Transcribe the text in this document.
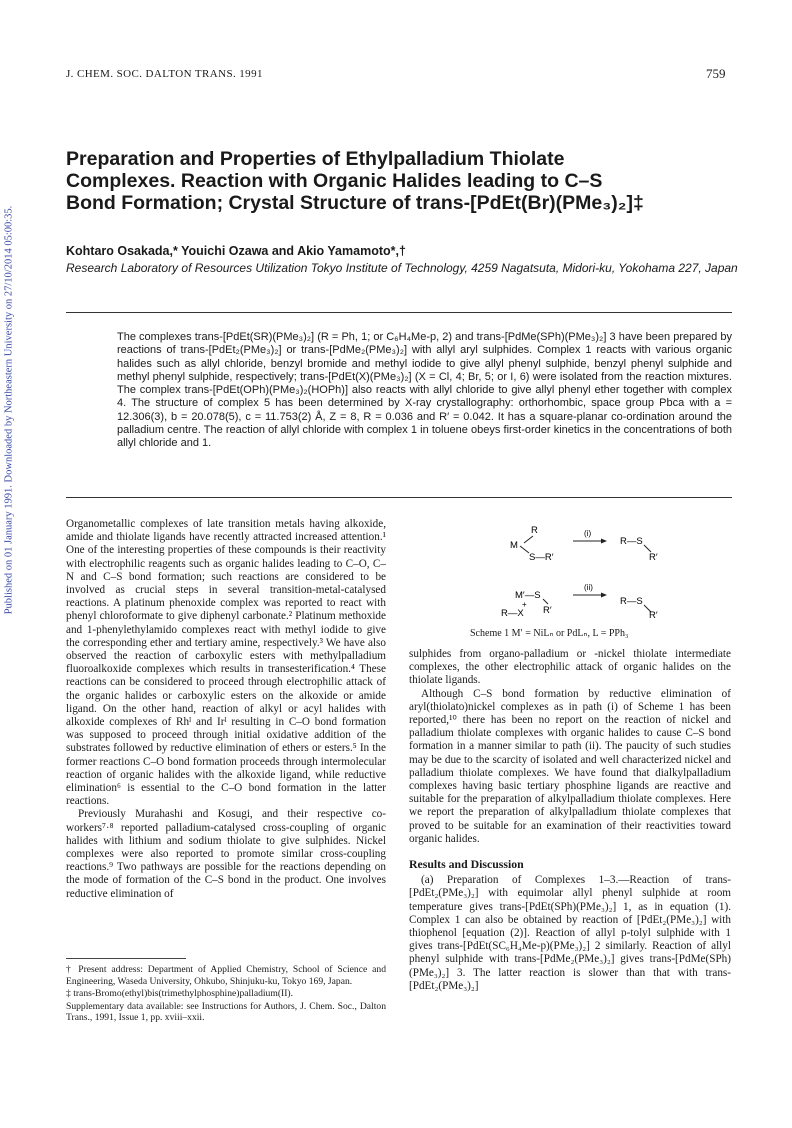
Published on 01 January 1991. Downloaded by Northeastern University on 27/10/2014 05:00:35.
J. CHEM. SOC. DALTON TRANS. 1991	759
Preparation and Properties of Ethylpalladium Thiolate
Complexes. Reaction with Organic Halides leading to C–S
Bond Formation; Crystal Structure of trans-[PdEt(Br)(PMe₃)₂]‡
Kohtaro Osakada,* Youichi Ozawa and Akio Yamamoto*,†
Research Laboratory of Resources Utilization Tokyo Institute of Technology, 4259 Nagatsuta, Midori-ku, Yokohama 227, Japan
The complexes trans-[PdEt(SR)(PMe₃)₂] (R = Ph, 1; or C₆H₄Me-p, 2) and trans-[PdMe(SPh)(PMe₃)₂] 3 have been prepared by reactions of trans-[PdEt₂(PMe₃)₂] or trans-[PdMe₂(PMe₃)₂] with allyl aryl sulphides. Complex 1 reacts with various organic halides such as allyl chloride, benzyl bromide and methyl iodide to give allyl phenyl sulphide, benzyl phenyl sulphide and methyl phenyl sulphide, respectively; trans-[PdEt(X)(PMe₃)₂] (X = Cl, 4; Br, 5; or I, 6) were isolated from the reaction mixtures. The complex trans-[PdEt(OPh)(PMe₃)₂(HOPh)] also reacts with allyl chloride to give allyl phenyl ether together with complex 4. The structure of complex 5 has been determined by X-ray crystallography: orthorhombic, space group Pbca with a = 12.306(3), b = 20.078(5), c = 11.753(2) Å, Z = 8, R = 0.036 and R′ = 0.042. It has a square-planar co-ordination around the palladium centre. The reaction of allyl chloride with complex 1 in toluene obeys first-order kinetics in the concentrations of both allyl chloride and 1.

Organometallic complexes of late transition metals having alkoxide, amide and thiolate ligands have recently attracted increased attention.¹ One of the interesting properties of these compounds is their reactivity with electrophilic reagents such as organic halides leading to C–O, C–N and C–S bond formation; such reactions are considered to be involved as crucial steps in several transition-metal-catalysed reactions. A platinum phenoxide complex was reported to react with phenyl chloroformate to give diphenyl carbonate.² Platinum methoxide and 1-phenylethylamido complexes react with methyl iodide to give the corresponding ether and tertiary amine, respectively.³ We have also observed the reaction of carboxylic esters with methylpalladium fluoroalkoxide complexes which results in transesterification.⁴ These reactions can be considered to proceed through electrophilic attack of the organic halides or carboxylic esters on the alkoxide or amide ligand. On the other hand, reaction of alkyl or acyl halides with alkoxide complexes of Rhᴵ and Irᴵ resulting in C–O bond formation was supposed to proceed through initial oxidative addition of the substrates followed by reductive elimination of ethers or esters.⁵ In the former reactions C–O bond formation proceeds through intermolecular reaction of organic halides with the alkoxide ligand, while reductive elimination⁶ is essential to the C–O bond formation in the latter reactions.

Previously Murahashi and Kosugi, and their respective co-workers⁷·⁸ reported palladium-catalysed cross-coupling of organic halides with lithium and sodium thiolate to give sulphides. Nickel complexes were also reported to promote similar cross-coupling reactions.⁹ Two pathways are possible for the reactions depending on the mode of formation of the C–S bond in the product. One involves reductive elimination of

† Present address: Department of Applied Chemistry, School of Science and Engineering, Waseda University, Ohkubo, Shinjuku-ku, Tokyo 169, Japan.

‡ trans-Bromo(ethyl)bis(trimethylphosphine)palladium(II).

Supplementary data available: see Instructions for Authors, J. Chem. Soc., Dalton Trans., 1991, Issue 1, pp. xviii–xxii.

R
M
S—R′
(i)
R—S
R′
M′—S
+
R′
R—X
(ii)
R—S
R′
Scheme 1 M′ = NiLₙ or PdLₙ, L = PPh₃

sulphides from organo-palladium or -nickel thiolate intermediate complexes, the other electrophilic attack of organic halides on the thiolate ligands.

Although C–S bond formation by reductive elimination of aryl(thiolato)nickel complexes as in path (i) of Scheme 1 has been reported,¹⁰ there has been no report on the reaction of nickel and palladium thiolate complexes with organic halides to cause C–S bond formation in a manner similar to path (ii). The paucity of such studies may be due to the scarcity of isolated and well characterized nickel and palladium thiolate complexes. We have found that dialkylpalladium complexes having basic tertiary phosphine ligands are reactive and suitable for the preparation of alkylpalladium thiolate complexes. Here we report the preparation of alkylpalladium thiolate complexes that proved to be suitable for an examination of their reactivities toward organic halides.

Results and Discussion

(a) Preparation of Complexes 1–3.—Reaction of trans-[PdEt₂(PMe₃)₂] with equimolar allyl phenyl sulphide at room temperature gives trans-[PdEt(SPh)(PMe₃)₂] 1, as in equation (1). Complex 1 can also be obtained by reaction of [PdEt₂(PMe₃)₂] with thiophenol [equation (2)]. Reaction of allyl p-tolyl sulphide with 1 gives trans-[PdEt(SC₆H₄Me-p)(PMe₃)₂] 2 similarly. Reaction of allyl phenyl sulphide with trans-[PdMe₂(PMe₃)₂] gives trans-[PdMe(SPh)(PMe₃)₂] 3. The latter reaction is slower than that with trans-[PdEt₂(PMe₃)₂]
